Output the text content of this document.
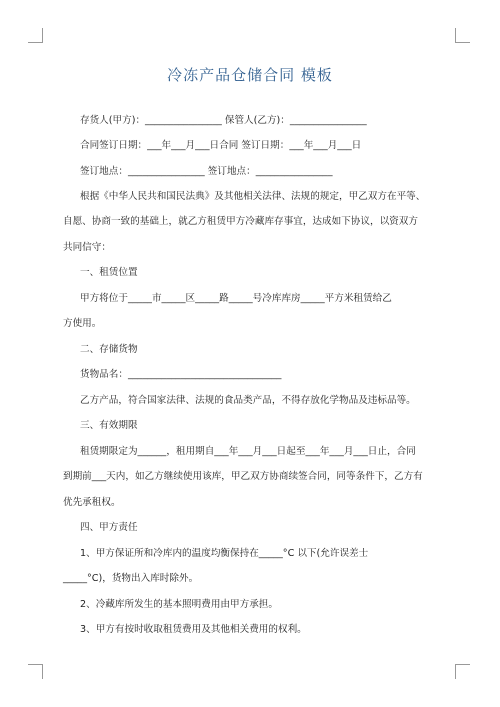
冷冻产品仓储合同 模板
存货人(甲方)：________________ 保管人(乙方)：________________
合同签订日期：___年___月___日合同 签订日期：___年___月___日
签订地点：________________ 签订地点：________________
根据《中华人民共和国民法典》及其他相关法律、法规的规定，甲乙双方在平等、
自愿、协商一致的基础上，就乙方租赁甲方冷藏库存事宜，达成如下协议，以资双方
共同信守：
一、租赁位置
甲方将位于_____市_____区_____路_____号冷库库房_____平方米租赁给乙
方使用。
二、存储货物
货物品名：________________________________
乙方产品，符合国家法律、法规的食品类产品，不得存放化学物品及违标品等。
三、有效期限
租赁期限定为______，租用期自___年___月___日起至___年___月___日止，合同
到期前___天内，如乙方继续使用该库，甲乙双方协商续签合同，同等条件下，乙方有
优先承租权。
四、甲方责任
1、甲方保证所和冷库内的温度均衡保持在_____°C 以下(允许误差士
_____°C)，货物出入库时除外。
2、冷藏库所发生的基本照明费用由甲方承担。
3、甲方有按时收取租赁费用及其他相关费用的权利。
